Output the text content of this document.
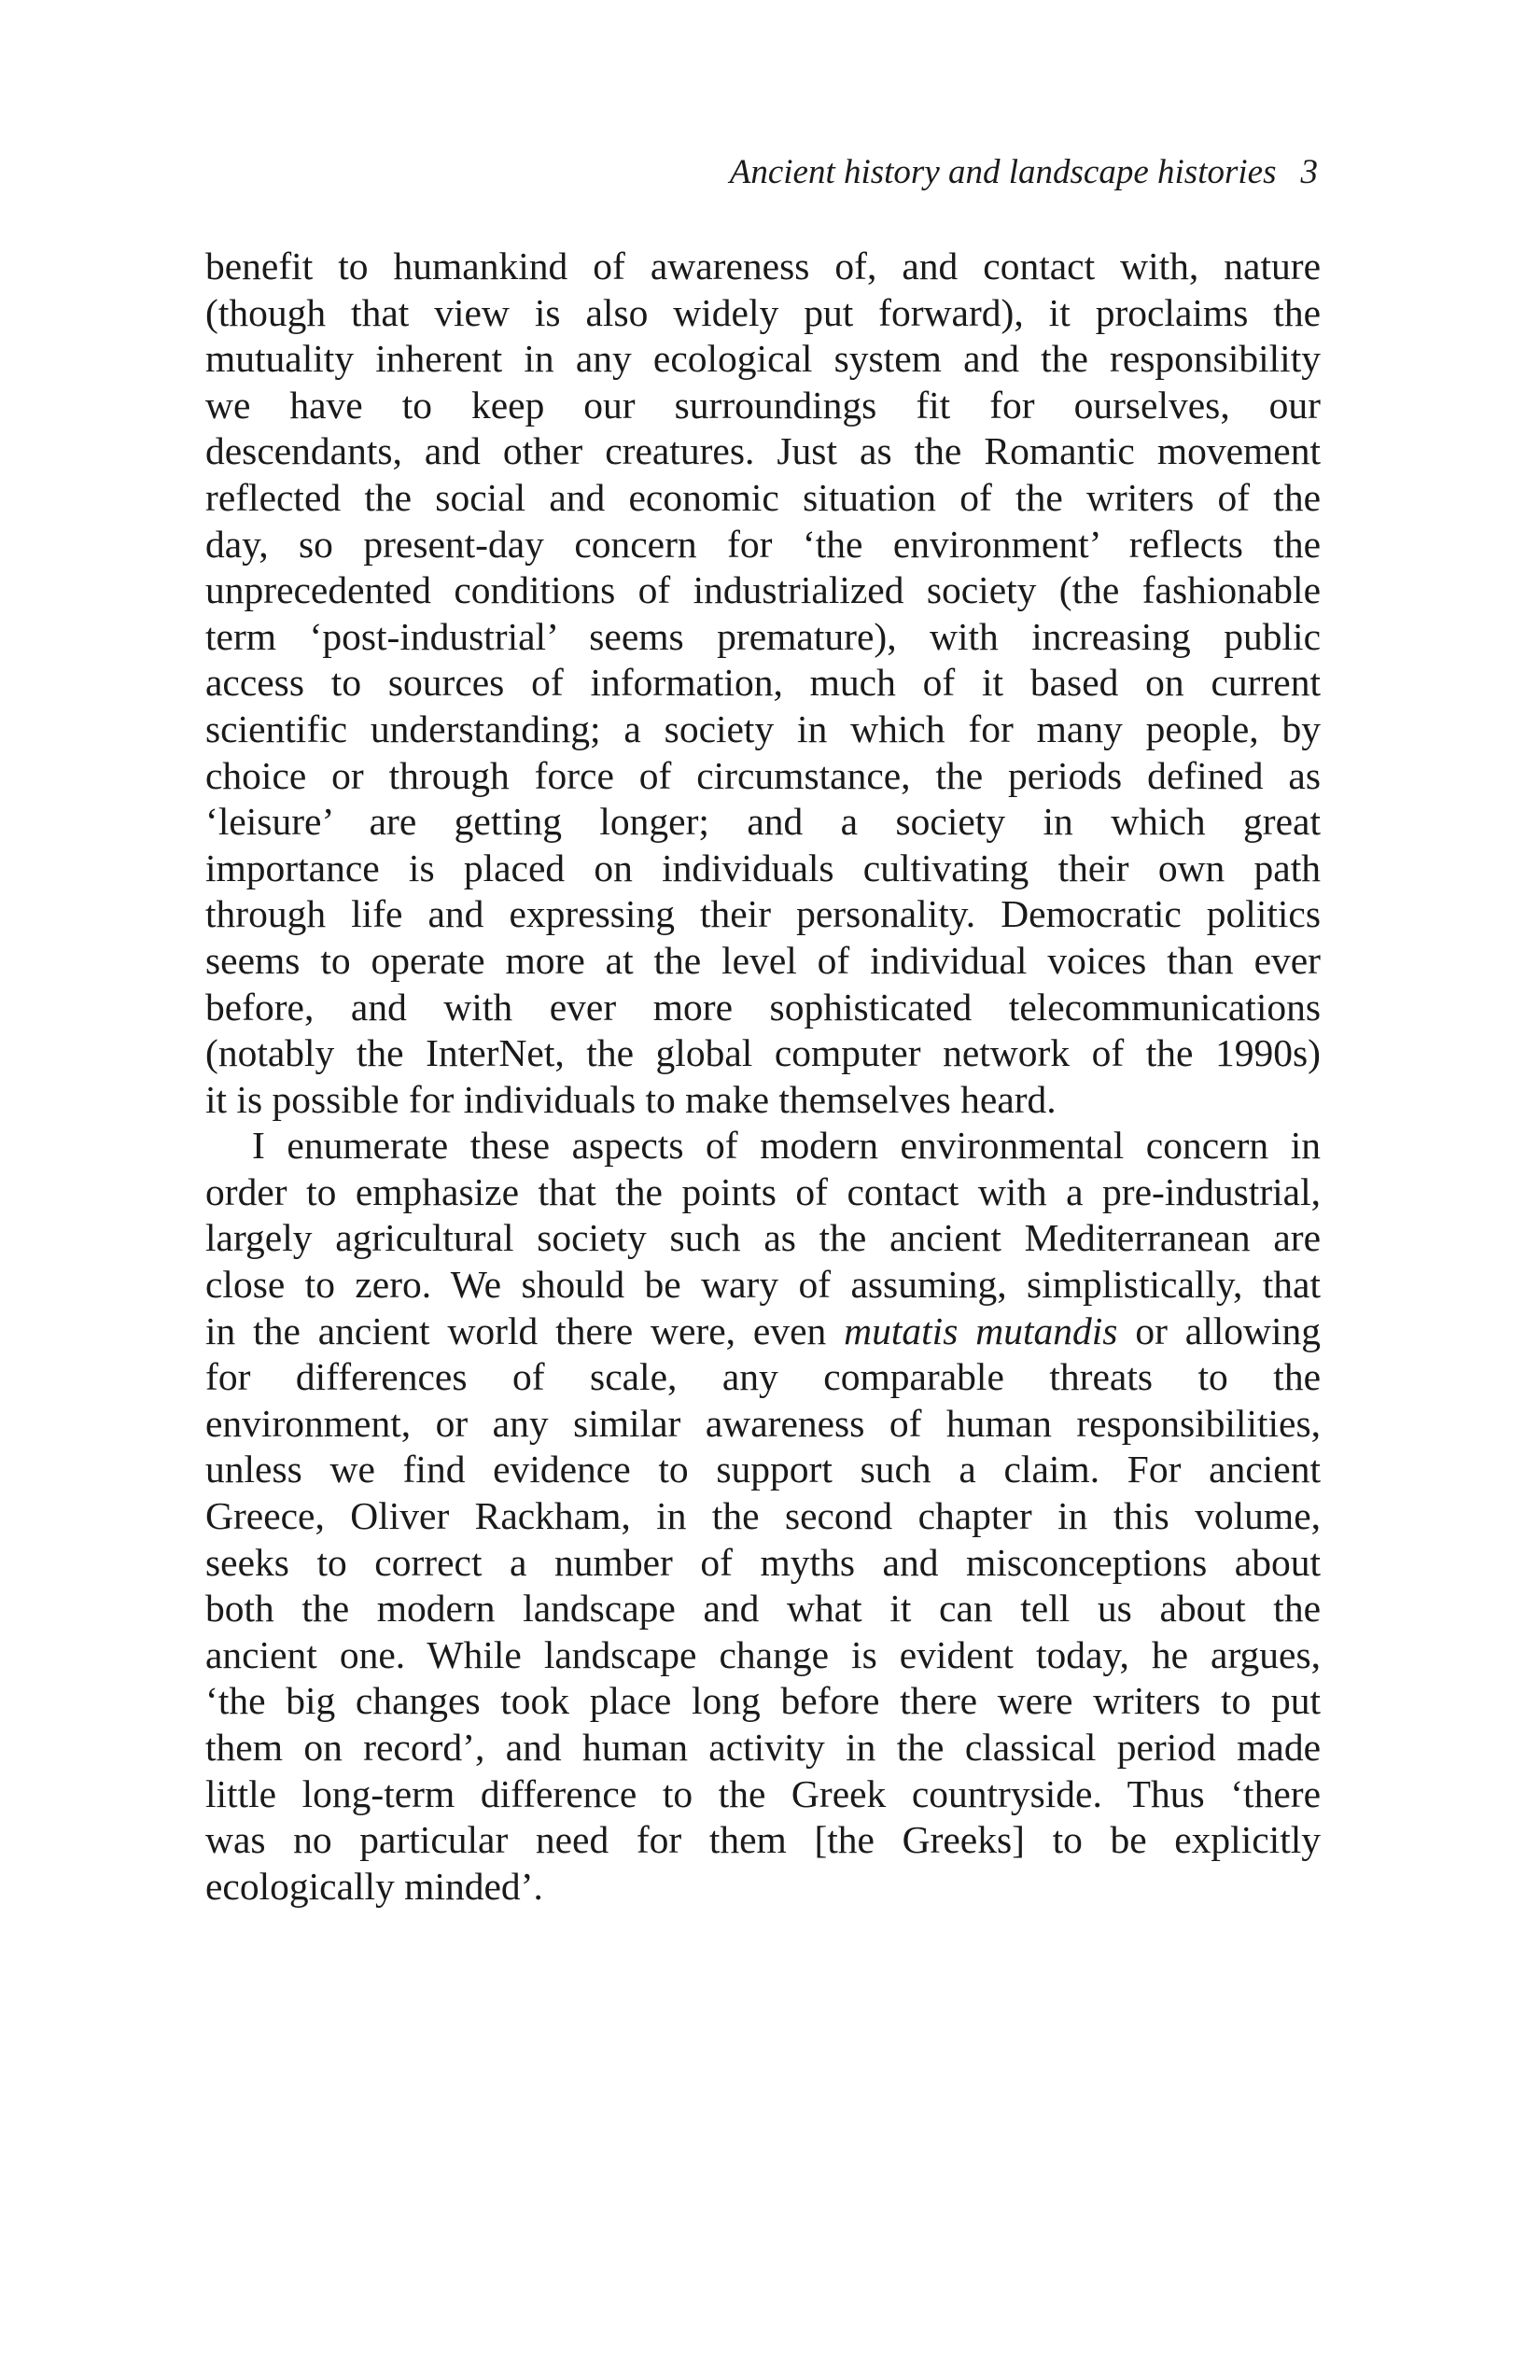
Ancient history and landscape histories 3
benefit to humankind of awareness of, and contact with, nature
(though that view is also widely put forward), it proclaims the
mutuality inherent in any ecological system and the responsibility
we have to keep our surroundings fit for ourselves, our
descendants, and other creatures. Just as the Romantic movement
reflected the social and economic situation of the writers of the
day, so present-day concern for ‘the environment’ reflects the
unprecedented conditions of industrialized society (the fashionable
term ‘post-industrial’ seems premature), with increasing public
access to sources of information, much of it based on current
scientific understanding; a society in which for many people, by
choice or through force of circumstance, the periods defined as
‘leisure’ are getting longer; and a society in which great
importance is placed on individuals cultivating their own path
through life and expressing their personality. Democratic politics
seems to operate more at the level of individual voices than ever
before, and with ever more sophisticated telecommunications
(notably the InterNet, the global computer network of the 1990s)
it is possible for individuals to make themselves heard.
I enumerate these aspects of modern environmental concern in
order to emphasize that the points of contact with a pre-industrial,
largely agricultural society such as the ancient Mediterranean are
close to zero. We should be wary of assuming, simplistically, that
in the ancient world there were, even mutatis mutandis or allowing
for differences of scale, any comparable threats to the
environment, or any similar awareness of human responsibilities,
unless we find evidence to support such a claim. For ancient
Greece, Oliver Rackham, in the second chapter in this volume,
seeks to correct a number of myths and misconceptions about
both the modern landscape and what it can tell us about the
ancient one. While landscape change is evident today, he argues,
‘the big changes took place long before there were writers to put
them on record’, and human activity in the classical period made
little long-term difference to the Greek countryside. Thus ‘there
was no particular need for them [the Greeks] to be explicitly
ecologically minded’.
